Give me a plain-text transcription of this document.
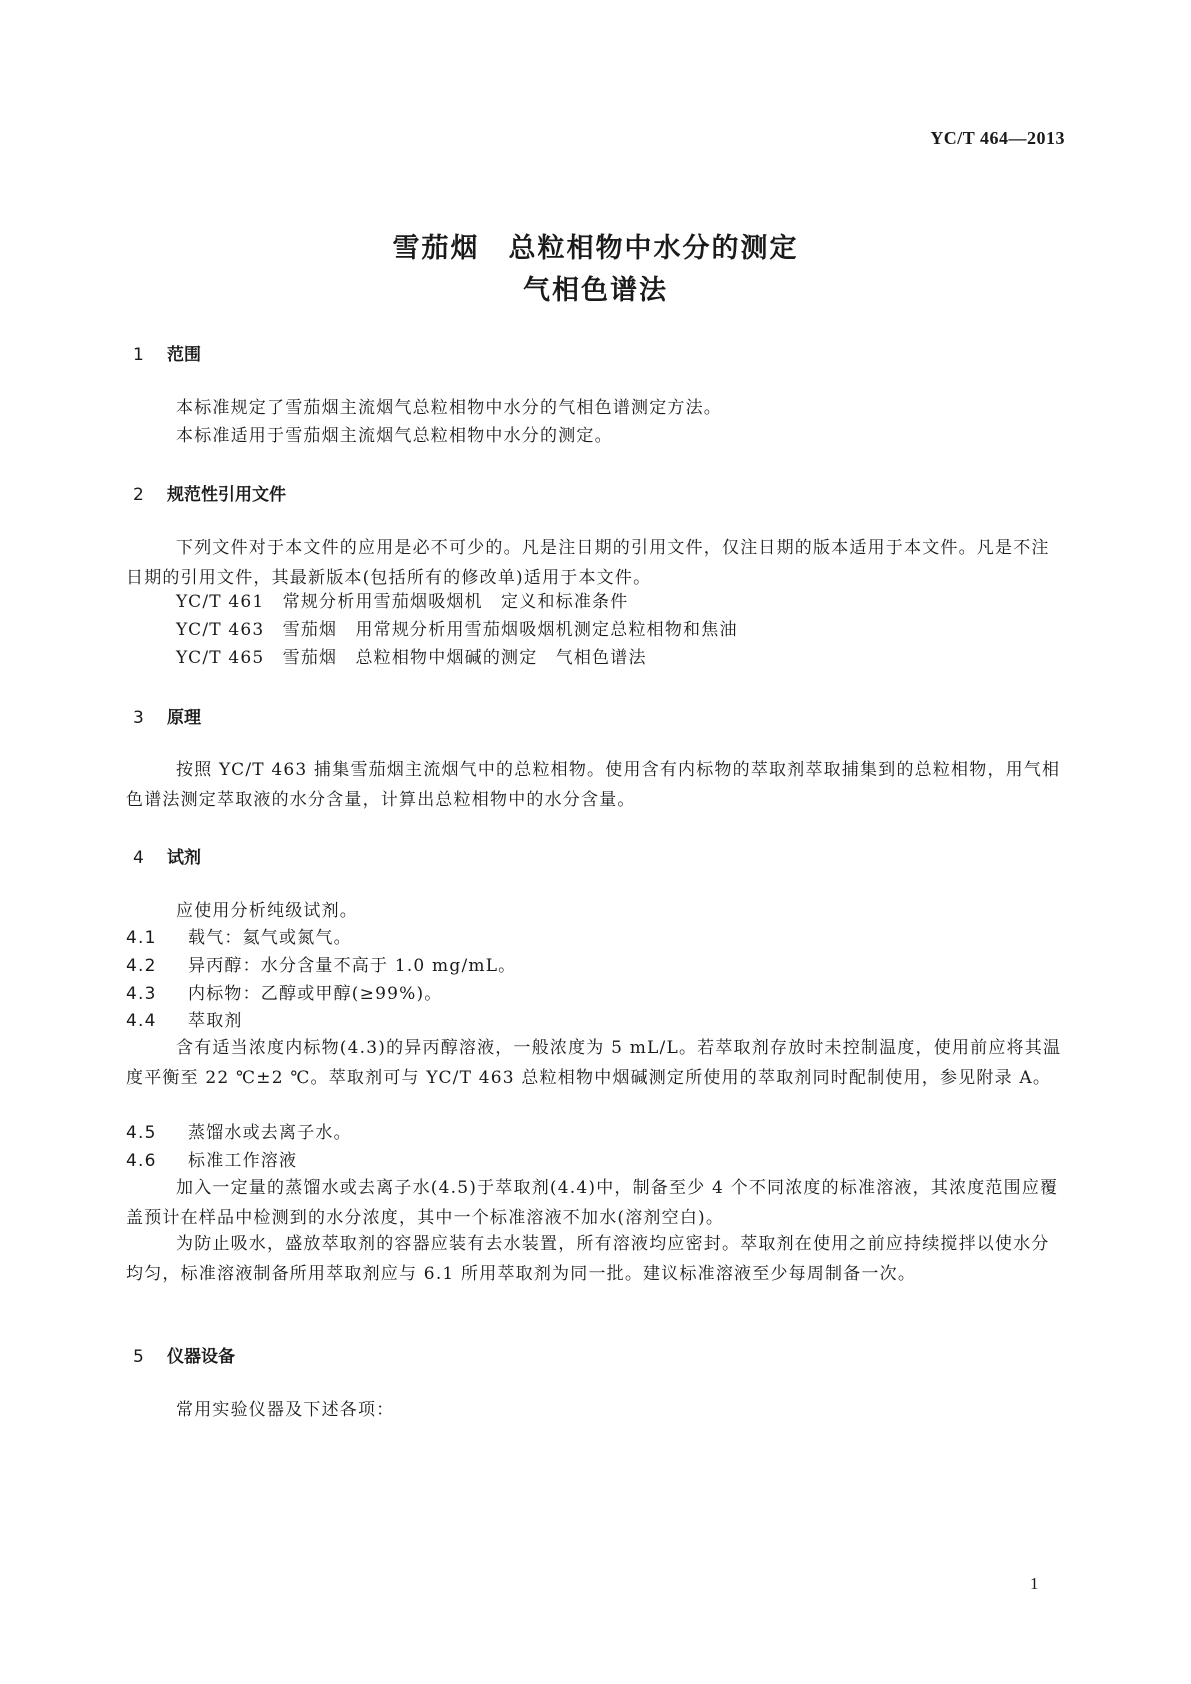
YC/T 464—2013
雪茄烟　总粒相物中水分的测定
气相色谱法
1 范围
本标准规定了雪茄烟主流烟气总粒相物中水分的气相色谱测定方法。
本标准适用于雪茄烟主流烟气总粒相物中水分的测定。
2 规范性引用文件
下列文件对于本文件的应用是必不可少的。凡是注日期的引用文件，仅注日期的版本适用于本文件。凡是不注日期的引用文件，其最新版本(包括所有的修改单)适用于本文件。
YC/T 461　常规分析用雪茄烟吸烟机　定义和标准条件
YC/T 463　雪茄烟　用常规分析用雪茄烟吸烟机测定总粒相物和焦油
YC/T 465　雪茄烟　总粒相物中烟碱的测定　气相色谱法
3 原理
按照 YC/T 463 捕集雪茄烟主流烟气中的总粒相物。使用含有内标物的萃取剂萃取捕集到的总粒相物，用气相色谱法测定萃取液的水分含量，计算出总粒相物中的水分含量。
4 试剂
应使用分析纯级试剂。
4.1 载气：氦气或氮气。
4.2 异丙醇：水分含量不高于 1.0 mg/mL。
4.3 内标物：乙醇或甲醇(≥99%)。
4.4 萃取剂
含有适当浓度内标物(4.3)的异丙醇溶液，一般浓度为 5 mL/L。若萃取剂存放时未控制温度，使用前应将其温度平衡至 22 ℃±2 ℃。萃取剂可与 YC/T 463 总粒相物中烟碱测定所使用的萃取剂同时配制使用，参见附录 A。
4.5 蒸馏水或去离子水。
4.6 标准工作溶液
加入一定量的蒸馏水或去离子水(4.5)于萃取剂(4.4)中，制备至少 4 个不同浓度的标准溶液，其浓度范围应覆盖预计在样品中检测到的水分浓度，其中一个标准溶液不加水(溶剂空白)。
为防止吸水，盛放萃取剂的容器应装有去水装置，所有溶液均应密封。萃取剂在使用之前应持续搅拌以使水分均匀，标准溶液制备所用萃取剂应与 6.1 所用萃取剂为同一批。建议标准溶液至少每周制备一次。
5 仪器设备
常用实验仪器及下述各项：
1
